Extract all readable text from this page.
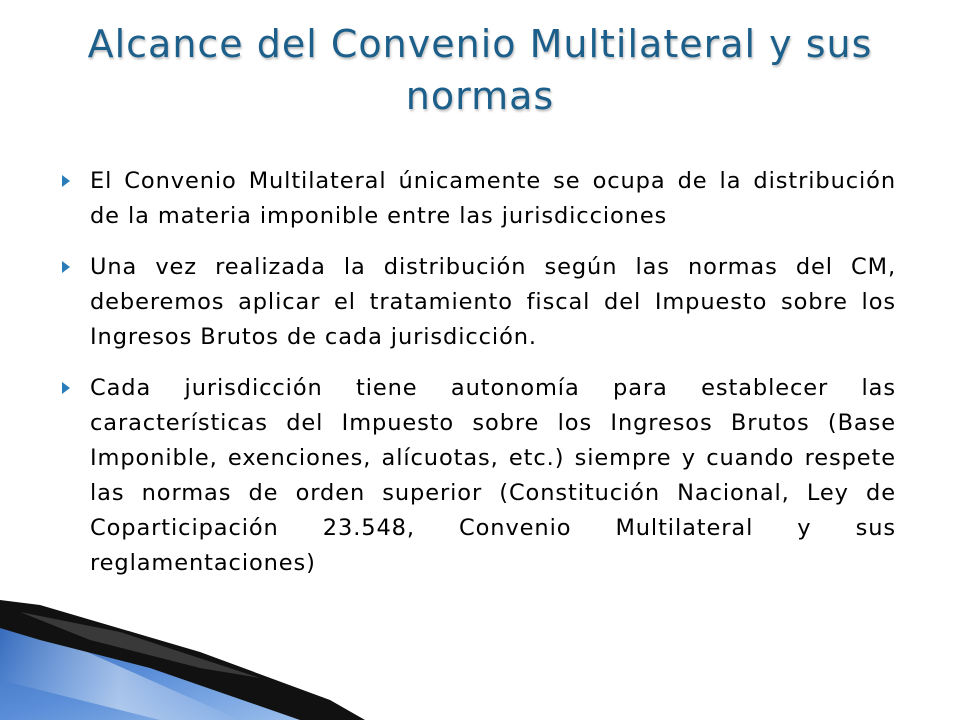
Alcance del Convenio Multilateral y sus normas
El Convenio Multilateral únicamente se ocupa de la distribución de la materia imponible entre las jurisdicciones
Una vez realizada la distribución según las normas del CM, deberemos aplicar el tratamiento fiscal del Impuesto sobre los Ingresos Brutos de cada jurisdicción.
Cada jurisdicción tiene autonomía para establecer las características del Impuesto sobre los Ingresos Brutos (Base Imponible, exenciones, alícuotas, etc.) siempre y cuando respete las normas de orden superior (Constitución Nacional, Ley de Coparticipación 23.548, Convenio Multilateral y sus reglamentaciones)
